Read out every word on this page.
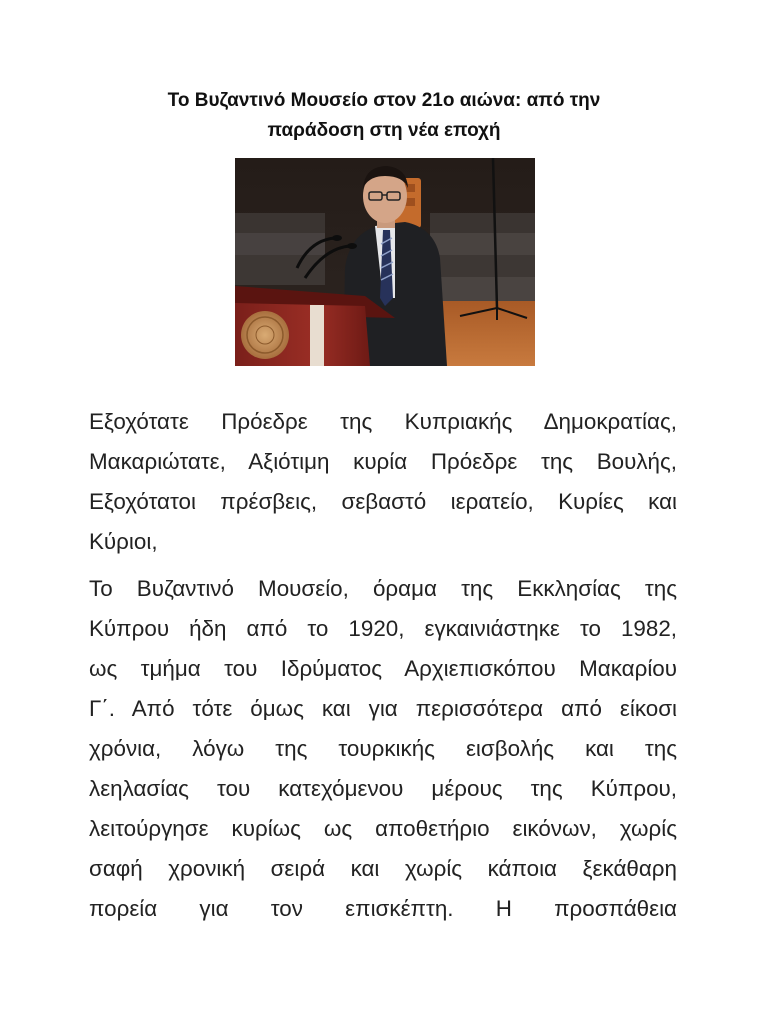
Το Βυζαντινό Μουσείο στον 21ο αιώνα: από την
παράδοση στη νέα εποχή
Εξοχότατε Πρόεδρε της Κυπριακής Δημοκρατίας,
Μακαριώτατε, Αξιότιμη κυρία Πρόεδρε της Βουλής,
Εξοχότατοι πρέσβεις, σεβαστό ιερατείο, Κυρίες και
Κύριοι,
Το Βυζαντινό Μουσείο, όραμα της Εκκλησίας της
Κύπρου ήδη από το 1920, εγκαινιάστηκε το 1982,
ως τμήμα του Ιδρύματος Αρχιεπισκόπου Μακαρίου
Γ΄. Από τότε όμως και για περισσότερα από είκοσι
χρόνια, λόγω της τουρκικής εισβολής και της
λεηλασίας του κατεχόμενου μέρους της Κύπρου,
λειτούργησε κυρίως ως αποθετήριο εικόνων, χωρίς
σαφή χρονική σειρά και χωρίς κάποια ξεκάθαρη
πορεία για τον επισκέπτη. Η προσπάθεια
